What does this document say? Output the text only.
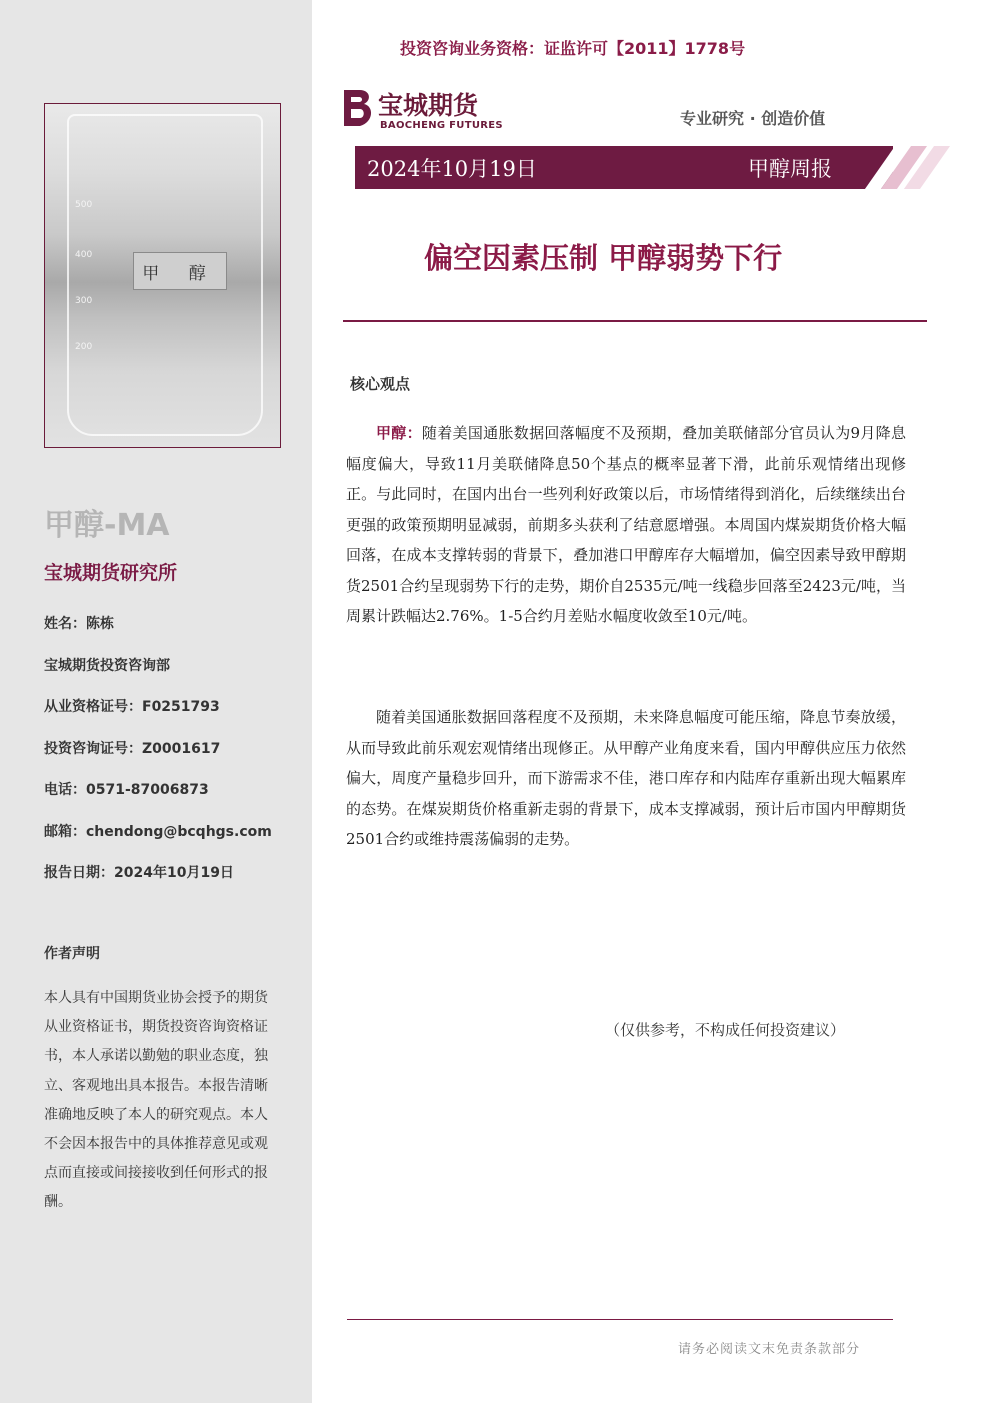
500
400
300
200
甲 醇
甲醇-MA
宝城期货研究所
姓名：陈栋
宝城期货投资咨询部
从业资格证号：F0251793
投资咨询证号：Z0001617
电话：0571-87006873
邮箱：chendong@bcqhgs.com
报告日期：2024年10月19日
作者声明
本人具有中国期货业协会授予的期货从业资格证书，期货投资咨询资格证书，本人承诺以勤勉的职业态度，独立、客观地出具本报告。本报告清晰准确地反映了本人的研究观点。本人不会因本报告中的具体推荐意见或观点而直接或间接接收到任何形式的报酬。
投资咨询业务资格：证监许可【2011】1778号
宝城期货
BAOCHENG FUTURES	专业研究 · 创造价值
2024年10月19日	甲醇周报
偏空因素压制 甲醇弱势下行
核心观点

甲醇：随着美国通胀数据回落幅度不及预期，叠加美联储部分官员认为9月降息幅度偏大，导致11月美联储降息50个基点的概率显著下滑，此前乐观情绪出现修正。与此同时，在国内出台一些列利好政策以后，市场情绪得到消化，后续继续出台更强的政策预期明显减弱，前期多头获利了结意愿增强。本周国内煤炭期货价格大幅回落，在成本支撑转弱的背景下，叠加港口甲醇库存大幅增加，偏空因素导致甲醇期货2501合约呈现弱势下行的走势，期价自2535元/吨一线稳步回落至2423元/吨，当周累计跌幅达2.76%。1-5合约月差贴水幅度收敛至10元/吨。

随着美国通胀数据回落程度不及预期，未来降息幅度可能压缩，降息节奏放缓，从而导致此前乐观宏观情绪出现修正。从甲醇产业角度来看，国内甲醇供应压力依然偏大，周度产量稳步回升，而下游需求不佳，港口库存和内陆库存重新出现大幅累库的态势。在煤炭期货价格重新走弱的背景下，成本支撑减弱，预计后市国内甲醇期货2501合约或维持震荡偏弱的走势。

（仅供参考，不构成任何投资建议）
请务必阅读文末免责条款部分
